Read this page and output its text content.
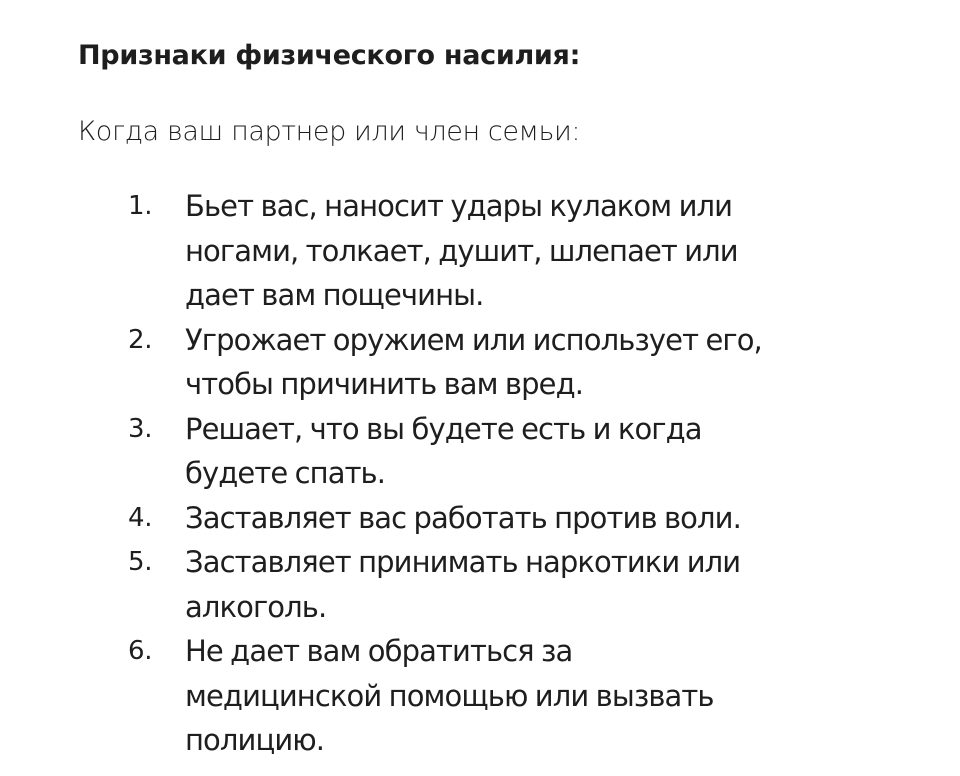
Признаки физического насилия:

Когда ваш партнер или член семьи:

1.	Бьет вас, наносит удары кулаком или
ногами, толкает, душит, шлепает или
дает вам пощечины.
2.	Угрожает оружием или использует его,
чтобы причинить вам вред.
3.	Решает, что вы будете есть и когда
будете спать.
4.	Заставляет вас работать против воли.
5.	Заставляет принимать наркотики или
алкоголь.
6.	Не дает вам обратиться за
медицинской помощью или вызвать
полицию.
